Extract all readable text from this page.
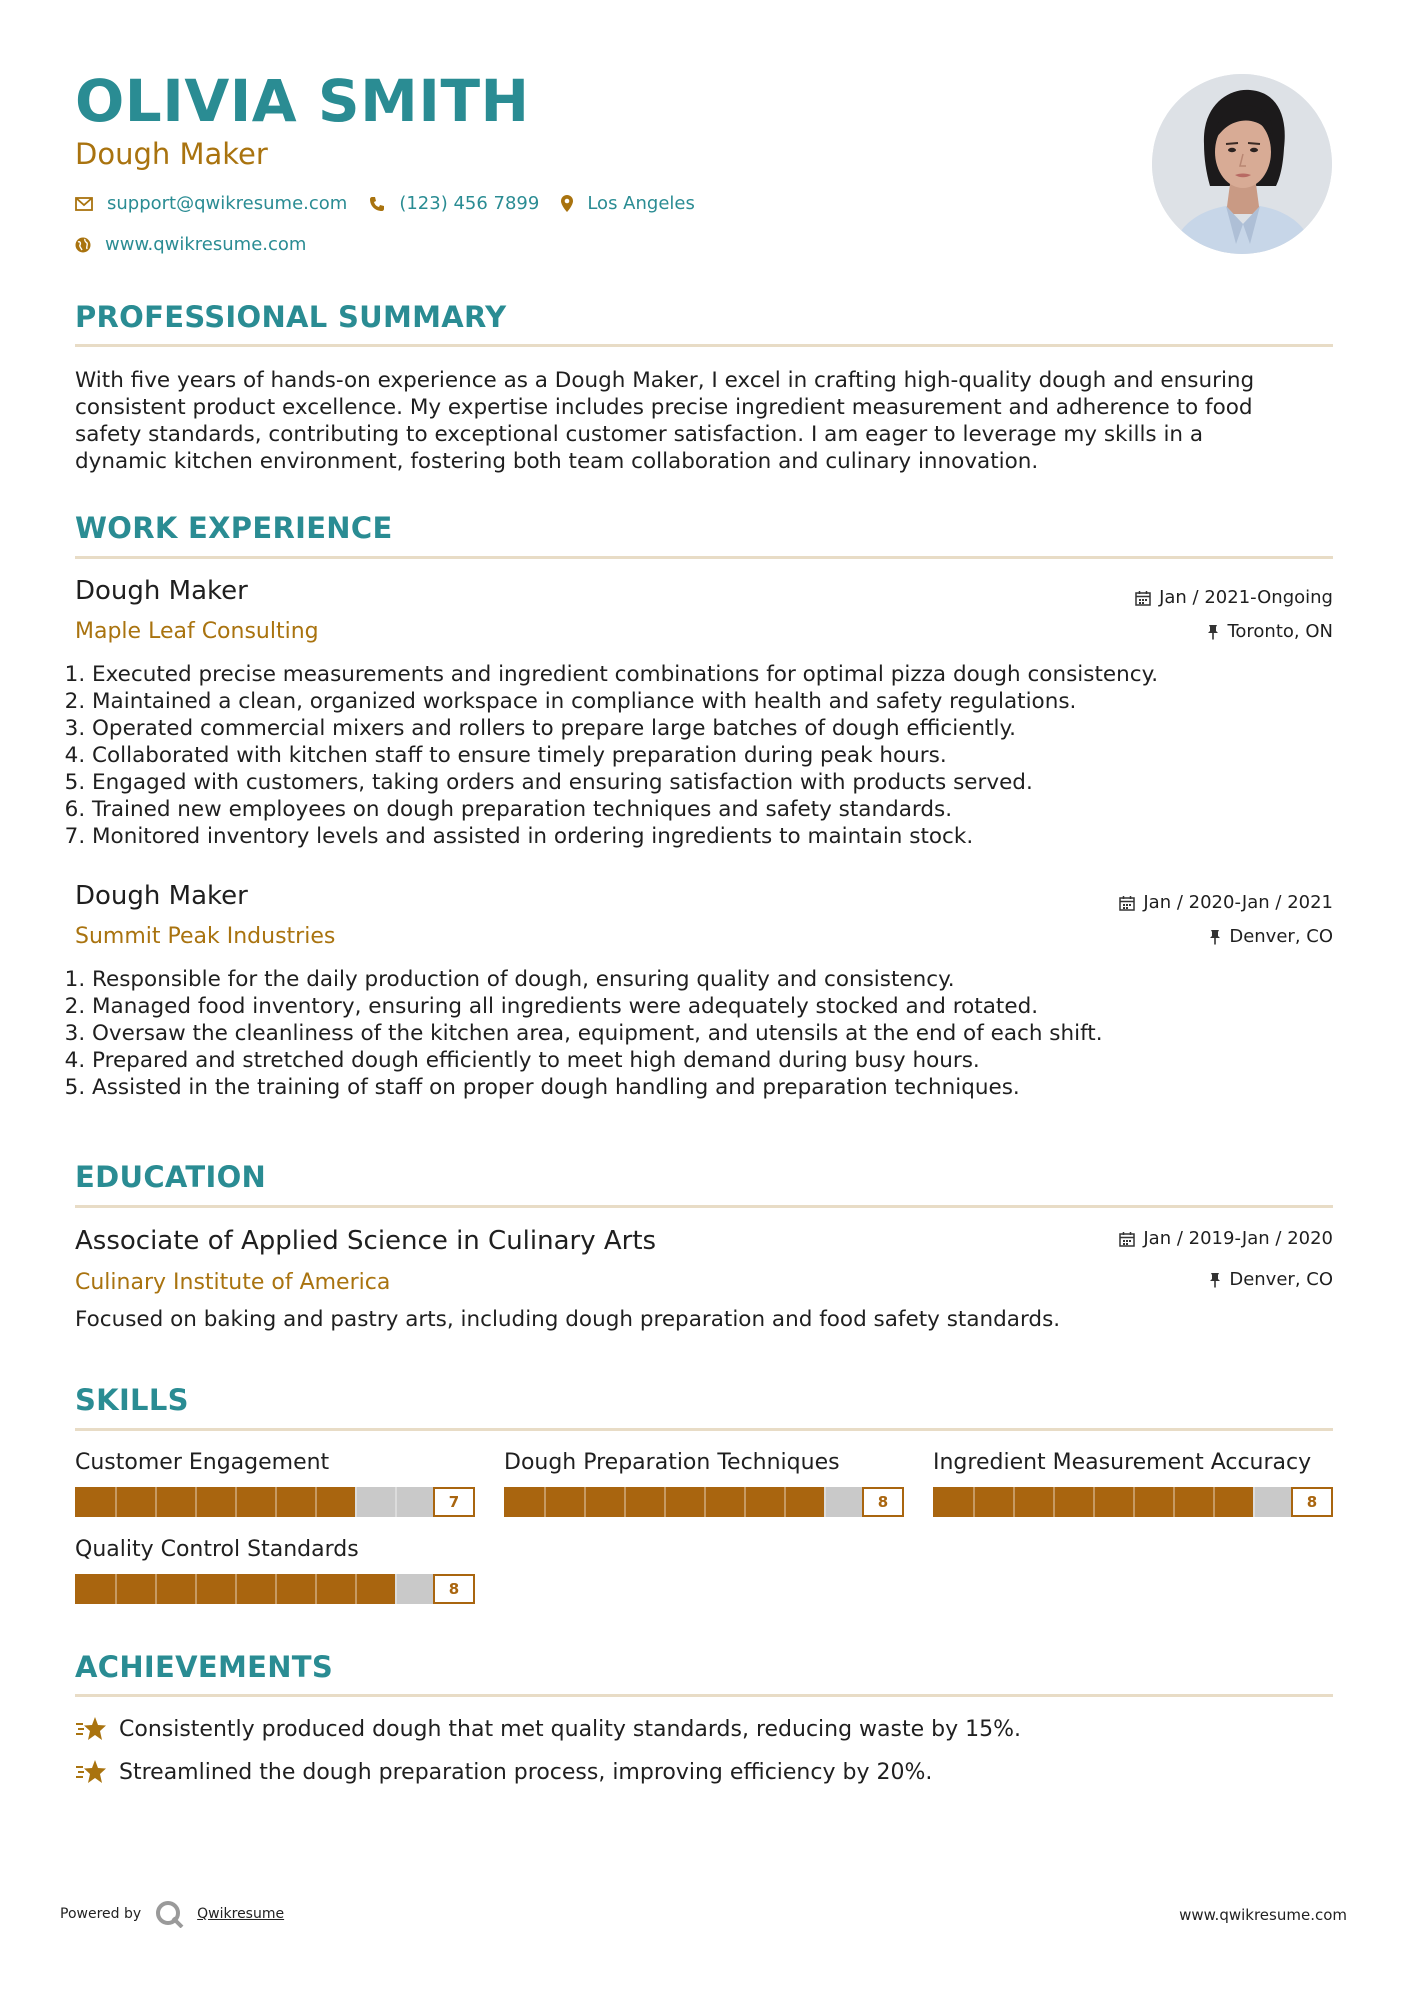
OLIVIA SMITH
Dough Maker
support@qwikresume.com	(123) 456 7899	Los Angeles
www.qwikresume.com
PROFESSIONAL SUMMARY
With five years of hands-on experience as a Dough Maker, I excel in crafting high-quality dough and ensuring
consistent product excellence. My expertise includes precise ingredient measurement and adherence to food
safety standards, contributing to exceptional customer satisfaction. I am eager to leverage my skills in a
dynamic kitchen environment, fostering both team collaboration and culinary innovation.
WORK EXPERIENCE
Dough Maker
Maple Leaf Consulting
Jan / 2021-Ongoing
Toronto, ON
1. Executed precise measurements and ingredient combinations for optimal pizza dough consistency.
2. Maintained a clean, organized workspace in compliance with health and safety regulations.
3. Operated commercial mixers and rollers to prepare large batches of dough efficiently.
4. Collaborated with kitchen staff to ensure timely preparation during peak hours.
5. Engaged with customers, taking orders and ensuring satisfaction with products served.
6. Trained new employees on dough preparation techniques and safety standards.
7. Monitored inventory levels and assisted in ordering ingredients to maintain stock.
Dough Maker
Summit Peak Industries
Jan / 2020-Jan / 2021
Denver, CO
1. Responsible for the daily production of dough, ensuring quality and consistency.
2. Managed food inventory, ensuring all ingredients were adequately stocked and rotated.
3. Oversaw the cleanliness of the kitchen area, equipment, and utensils at the end of each shift.
4. Prepared and stretched dough efficiently to meet high demand during busy hours.
5. Assisted in the training of staff on proper dough handling and preparation techniques.
EDUCATION
Associate of Applied Science in Culinary Arts
Culinary Institute of America
Jan / 2019-Jan / 2020
Denver, CO
Focused on baking and pastry arts, including dough preparation and food safety standards.
SKILLS
Customer Engagement
7
Dough Preparation Techniques
8
Ingredient Measurement Accuracy
8
Quality Control Standards
8
ACHIEVEMENTS
Consistently produced dough that met quality standards, reducing waste by 15%.
Streamlined the dough preparation process, improving efficiency by 20%.
Powered by	Qwikresume	www.qwikresume.com
